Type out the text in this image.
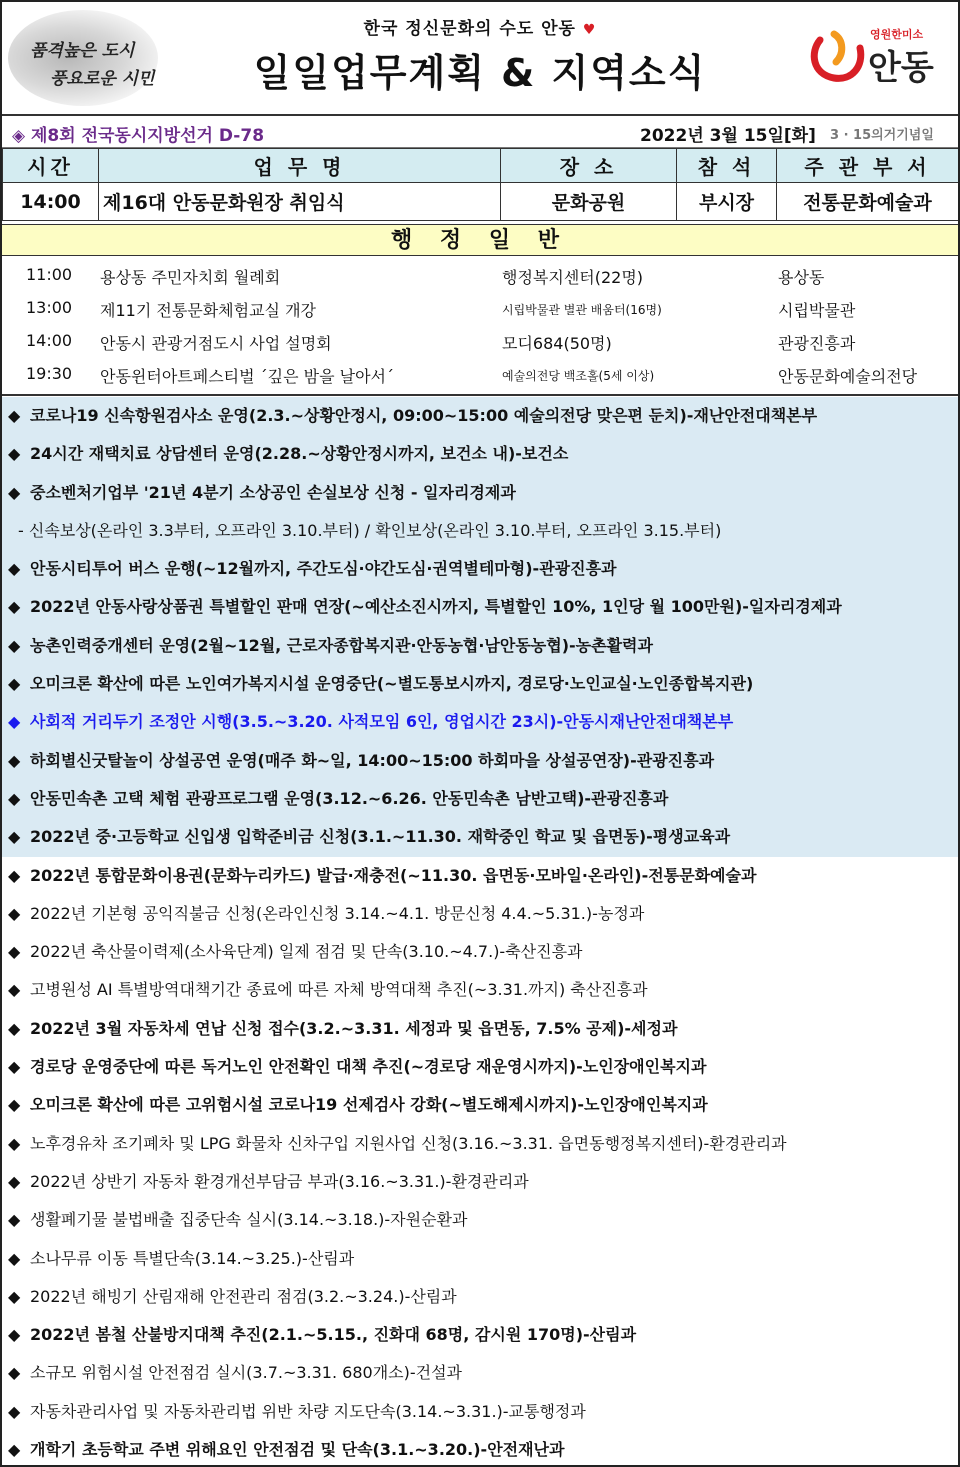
품격높은 도시
풍요로운 시민
한국 정신문화의 수도 안동 ♥
일일업무계획 & 지역소식
영원한미소
안동
◈ 제8회 전국동시지방선거 D-78	2022년 3월 15일[화] 3 · 15의거기념일
시간	업 무 명	장 소	참 석	주 관 부 서
14:00	제16대 안동문화원장 취임식	문화공원	부시장	전통문화예술과
행 정 일 반
11:00 용상동 주민자치회 월례회	행정복지센터(22명)	용상동
13:00 제11기 전통문화체험교실 개강	시립박물관 별관 배움터(16명)	시립박물관
14:00 안동시 관광거점도시 사업 설명회	모디684(50명)	관광진흥과
19:30 안동윈터아트페스티벌 ´깊은 밤을 날아서´	예술의전당 백조홀(5세 이상)	안동문화예술의전당
◆ 코로나19 신속항원검사소 운영(2.3.~상황안정시, 09:00~15:00 예술의전당 맞은편 둔치)-재난안전대책본부
◆ 24시간 재택치료 상담센터 운영(2.28.~상황안정시까지, 보건소 내)-보건소
◆ 중소벤처기업부 '21년 4분기 소상공인 손실보상 신청 - 일자리경제과
- 신속보상(온라인 3.3부터, 오프라인 3.10.부터) / 확인보상(온라인 3.10.부터, 오프라인 3.15.부터)
◆ 안동시티투어 버스 운행(~12월까지, 주간도심·야간도심·권역별테마형)-관광진흥과
◆ 2022년 안동사랑상품권 특별할인 판매 연장(~예산소진시까지, 특별할인 10%, 1인당 월 100만원)-일자리경제과
◆ 농촌인력중개센터 운영(2월~12월, 근로자종합복지관·안동농협·남안동농협)-농촌활력과
◆ 오미크론 확산에 따른 노인여가복지시설 운영중단(~별도통보시까지, 경로당·노인교실·노인종합복지관)
◆ 사회적 거리두기 조정안 시행(3.5.~3.20. 사적모임 6인, 영업시간 23시)-안동시재난안전대책본부
◆ 하회별신굿탈놀이 상설공연 운영(매주 화~일, 14:00~15:00 하회마을 상설공연장)-관광진흥과
◆ 안동민속촌 고택 체험 관광프로그램 운영(3.12.~6.26. 안동민속촌 남반고택)-관광진흥과
◆ 2022년 중·고등학교 신입생 입학준비금 신청(3.1.~11.30. 재학중인 학교 및 읍면동)-평생교육과
◆ 2022년 통합문화이용권(문화누리카드) 발급·재충전(~11.30. 읍면동·모바일·온라인)-전통문화예술과
◆ 2022년 기본형 공익직불금 신청(온라인신청 3.14.~4.1. 방문신청 4.4.~5.31.)-농정과
◆ 2022년 축산물이력제(소사육단계) 일제 점검 및 단속(3.10.~4.7.)-축산진흥과
◆ 고병원성 AI 특별방역대책기간 종료에 따른 자체 방역대책 추진(~3.31.까지) 축산진흥과
◆ 2022년 3월 자동차세 연납 신청 접수(3.2.~3.31. 세정과 및 읍면동, 7.5% 공제)-세정과
◆ 경로당 운영중단에 따른 독거노인 안전확인 대책 추진(~경로당 재운영시까지)-노인장애인복지과
◆ 오미크론 확산에 따른 고위험시설 코로나19 선제검사 강화(~별도해제시까지)-노인장애인복지과
◆ 노후경유차 조기폐차 및 LPG 화물차 신차구입 지원사업 신청(3.16.~3.31. 읍면동행정복지센터)-환경관리과
◆ 2022년 상반기 자동차 환경개선부담금 부과(3.16.~3.31.)-환경관리과
◆ 생활폐기물 불법배출 집중단속 실시(3.14.~3.18.)-자원순환과
◆ 소나무류 이동 특별단속(3.14.~3.25.)-산림과
◆ 2022년 해빙기 산림재해 안전관리 점검(3.2.~3.24.)-산림과
◆ 2022년 봄철 산불방지대책 추진(2.1.~5.15., 진화대 68명, 감시원 170명)-산림과
◆ 소규모 위험시설 안전점검 실시(3.7.~3.31. 680개소)-건설과
◆ 자동차관리사업 및 자동차관리법 위반 차량 지도단속(3.14.~3.31.)-교통행정과
◆ 개학기 초등학교 주변 위해요인 안전점검 및 단속(3.1.~3.20.)-안전재난과
